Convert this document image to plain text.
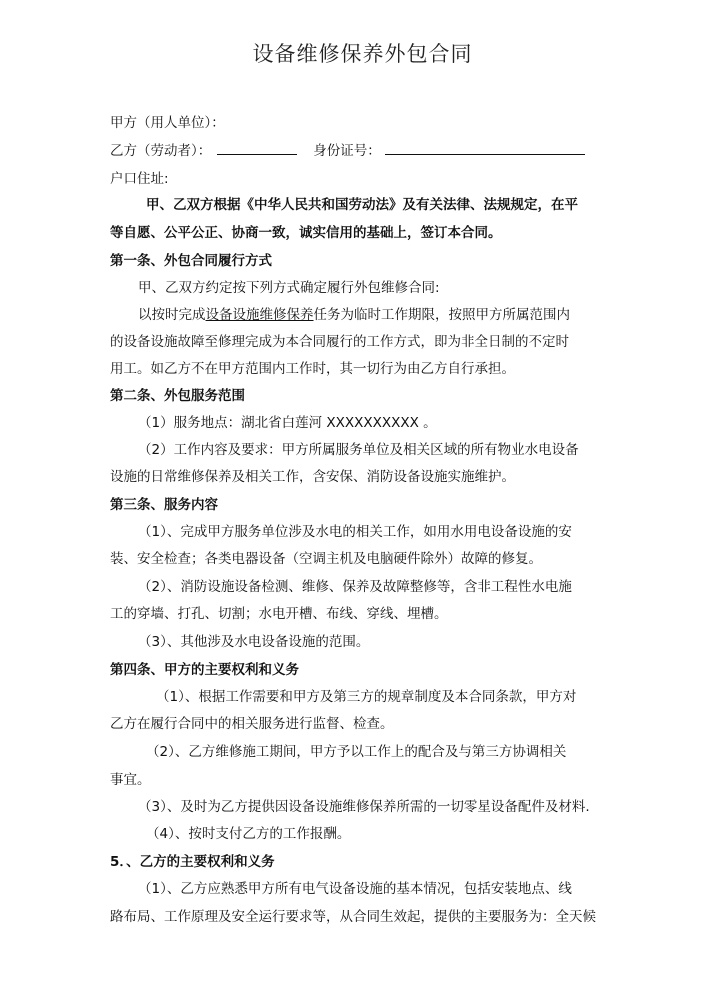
设备维修保养外包合同

甲方（用人单位）：

乙方（劳动者）：	身份证号：

户口住址:

甲、乙双方根据《中华人民共和国劳动法》及有关法律、法规规定，在平

等自愿、公平公正、协商一致，诚实信用的基础上，签订本合同。

第一条、外包合同履行方式

甲、乙双方约定按下列方式确定履行外包维修合同:

以按时完成设备设施维修保养任务为临时工作期限，按照甲方所属范围内

的设备设施故障至修理完成为本合同履行的工作方式，即为非全日制的不定时

用工。如乙方不在甲方范围内工作时，其一切行为由乙方自行承担。

第二条、外包服务范围

（1）服务地点：湖北省白莲河 XXXXXXXXXX 。

（2）工作内容及要求：甲方所属服务单位及相关区域的所有物业水电设备

设施的日常维修保养及相关工作，含安保、消防设备设施实施维护。

第三条、服务内容

（1）、完成甲方服务单位涉及水电的相关工作，如用水用电设备设施的安

装、安全检查；各类电器设备（空调主机及电脑硬件除外）故障的修复。

（2）、消防设施设备检测、维修、保养及故障整修等，含非工程性水电施

工的穿墙、打孔、切割；水电开槽、布线、穿线、埋槽。

（3）、其他涉及水电设备设施的范围。

第四条、甲方的主要权利和义务

（1）、根据工作需要和甲方及第三方的规章制度及本合同条款，甲方对

乙方在履行合同中的相关服务进行监督、检查。

（2）、乙方维修施工期间，甲方予以工作上的配合及与第三方协调相关

事宜。

（3）、及时为乙方提供因设备设施维修保养所需的一切零星设备配件及材料.

（4）、按时支付乙方的工作报酬。

5．、乙方的主要权利和义务

（1）、乙方应熟悉甲方所有电气设备设施的基本情况，包括安装地点、线

路布局、工作原理及安全运行要求等，从合同生效起，提供的主要服务为：全天候
